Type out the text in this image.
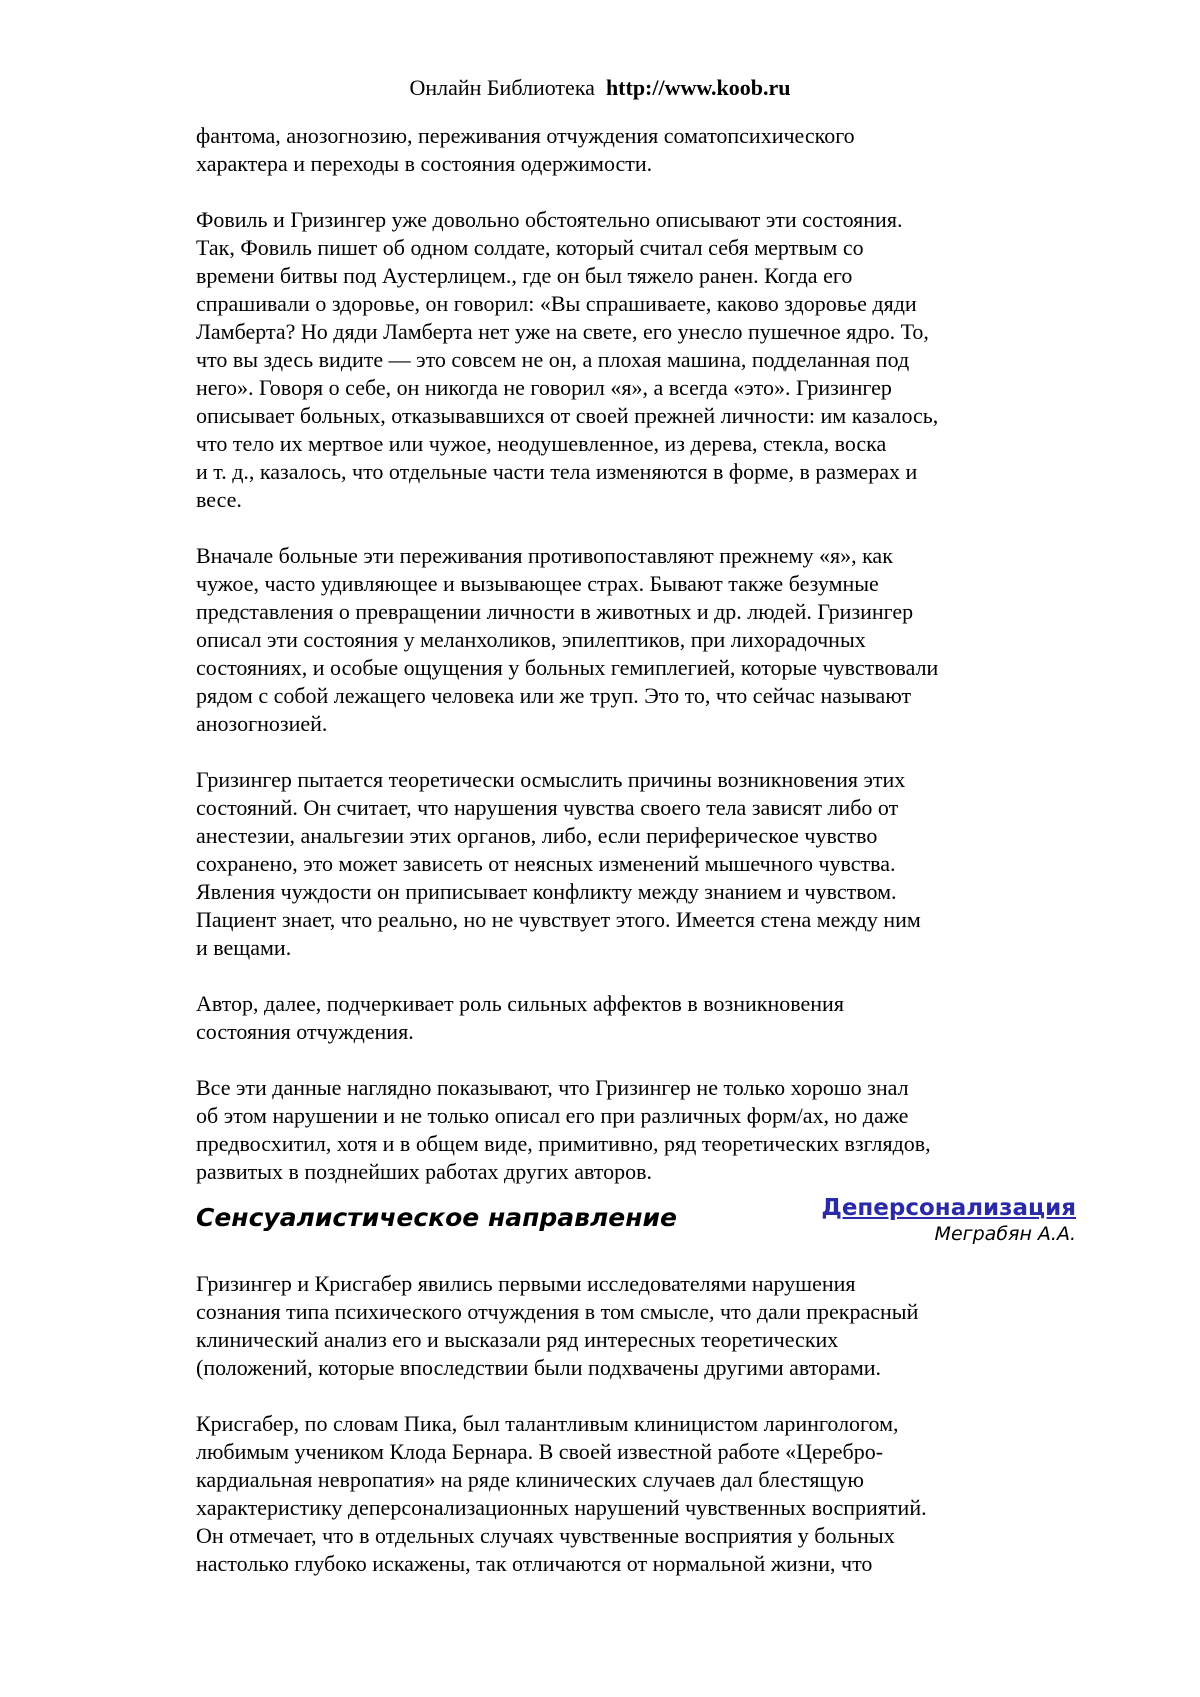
Онлайн Библиотека http://www.koob.ru
фантома, анозогнозию, переживания отчуждения соматопсихического
характера и переходы в состояния одержимости.
Фовиль и Гризингер уже довольно обстоятельно описывают эти состояния.
Так, Фовиль пишет об одном солдате, который считал себя мертвым со
времени битвы под Аустерлицем., где он был тяжело ранен. Когда его
спрашивали о здоровье, он говорил: «Вы спрашиваете, каково здоровье дяди
Ламберта? Но дяди Ламберта нет уже на свете, его унесло пушечное ядро. То,
что вы здесь видите — это совсем не он, а плохая машина, подделанная под
него». Говоря о себе, он никогда не говорил «я», а всегда «это». Гризингер
описывает больных, отказывавшихся от своей прежней личности: им казалось,
что тело их мертвое или чужое, неодушевленное, из дерева, стекла, воска
и т. д., казалось, что отдельные части тела изменяются в форме, в размерах и
весе.
Вначале больные эти переживания противопоставляют прежнему «я», как
чужое, часто удивляющее и вызывающее страх. Бывают также безумные
представления о превращении личности в животных и др. людей. Гризингер
описал эти состояния у меланхоликов, эпилептиков, при лихорадочных
состояниях, и особые ощущения у больных гемиплегией, которые чувствовали
рядом с собой лежащего человека или же труп. Это то, что сейчас называют
анозогнозией.
Гризингер пытается теоретически осмыслить причины возникновения этих
состояний. Он считает, что нарушения чувства своего тела зависят либо от
анестезии, анальгезии этих органов, либо, если периферическое чувство
сохранено, это может зависеть от неясных изменений мышечного чувства.
Явления чуждости он приписывает конфликту между знанием и чувством.
Пациент знает, что реально, но не чувствует этого. Имеется стена между ним
и вещами.
Автор, далее, подчеркивает роль сильных аффектов в возникновения
состояния отчуждения.
Все эти данные наглядно показывают, что Гризингер не только хорошо знал
об этом нарушении и не только описал его при различных форм/ах, но даже
предвосхитил, хотя и в общем виде, примитивно, ряд теоретических взглядов,
развитых в позднейших работах других авторов.
Сенсуалистическое направление	Деперсонализация
Меграбян А.А.
Гризингер и Крисгабер явились первыми исследователями нарушения
сознания типа психического отчуждения в том смысле, что дали прекрасный
клинический анализ его и высказали ряд интересных теоретических
(положений, которые впоследствии были подхвачены другими авторами.
Крисгабер, по словам Пика, был талантливым клиницистом ларингологом,
любимым учеником Клода Бернара. В своей известной работе «Церебро-
кардиальная невропатия» на ряде клинических случаев дал блестящую
характеристику деперсонализационных нарушений чувственных восприятий.
Он отмечает, что в отдельных случаях чувственные восприятия у больных
настолько глубоко искажены, так отличаются от нормальной жизни, что
